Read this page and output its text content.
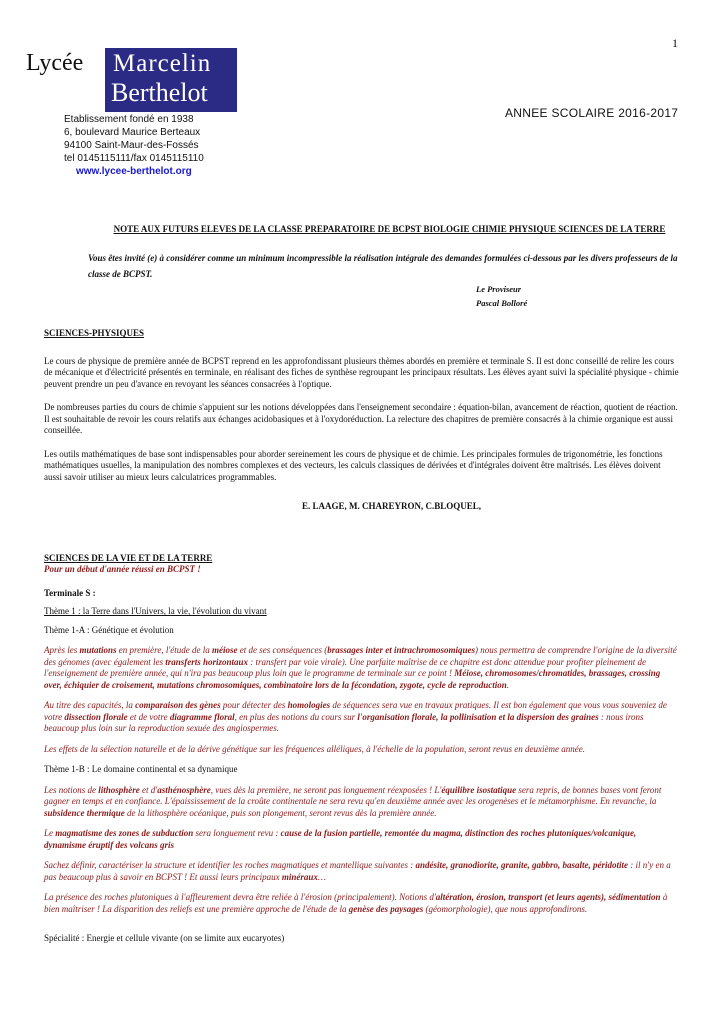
1
Lycée Marcelin
Berthelot
Etablissement fondé en 1938
6, boulevard Maurice Berteaux
94100 Saint-Maur-des-Fossés
tel 0145115111/fax 0145115110
www.lycee-berthelot.org
ANNEE SCOLAIRE 2016-2017
NOTE AUX FUTURS ELEVES DE LA CLASSE PREPARATOIRE DE BCPST BIOLOGIE CHIMIE PHYSIQUE SCIENCES DE LA TERRE
Vous êtes invité (e) à considérer comme un minimum incompressible la réalisation intégrale des demandes formulées ci-dessous par les divers professeurs de la classe de BCPST.
Le Proviseur
Pascal Bolloré
SCIENCES-PHYSIQUES

Le cours de physique de première année de BCPST reprend en les approfondissant plusieurs thèmes abordés en première et terminale S. Il est donc conseillé de relire les cours de mécanique et d'électricité présentés en terminale, en réalisant des fiches de synthèse regroupant les principaux résultats. Les élèves ayant suivi la spécialité physique - chimie peuvent prendre un peu d'avance en revoyant les séances consacrées à l'optique.

De nombreuses parties du cours de chimie s'appuient sur les notions développées dans l'enseignement secondaire : équation-bilan, avancement de réaction, quotient de réaction. Il est souhaitable de revoir les cours relatifs aux échanges acidobasiques et à l'oxydoréduction. La relecture des chapitres de première consacrés à la chimie organique est aussi conseillée.

Les outils mathématiques de base sont indispensables pour aborder sereinement les cours de physique et de chimie. Les principales formules de trigonométrie, les fonctions mathématiques usuelles, la manipulation des nombres complexes et des vecteurs, les calculs classiques de dérivées et d'intégrales doivent être maîtrisés. Les élèves doivent aussi savoir utiliser au mieux leurs calculatrices programmables.

E. LAAGE, M. CHAREYRON, C.BLOQUEL,
SCIENCES DE LA VIE ET DE LA TERRE
Pour un début d'année réussi en BCPST !
Terminale S :
Thème 1 : la Terre dans l'Univers, la vie, l'évolution du vivant
Thème 1-A : Génétique et évolution

Après les mutations en première, l'étude de la méiose et de ses conséquences (brassages inter et intrachromosomiques) nous permettra de comprendre l'origine de la diversité des génomes (avec également les transferts horizontaux : transfert par voie virale). Une parfaite maîtrise de ce chapitre est donc attendue pour profiter pleinement de l'enseignement de première année, qui n'ira pas beaucoup plus loin que le programme de terminale sur ce point ! Méiose, chromosomes/chromatides, brassages, crossing over, échiquier de croisement, mutations chromosomiques, combinatoire lors de la fécondation, zygote, cycle de reproduction.

Au titre des capacités, la comparaison des gènes pour détecter des homologies de séquences sera vue en travaux pratiques. Il est bon également que vous vous souveniez de votre dissection florale et de votre diagramme floral, en plus des notions du cours sur l'organisation florale, la pollinisation et la dispersion des graines : nous irons beaucoup plus loin sur la reproduction sexuée des angiospermes.

Les effets de la sélection naturelle et de la dérive génétique sur les fréquences alléliques, à l'échelle de la population, seront revus en deuxième année.

Thème 1-B : Le domaine continental et sa dynamique

Les notions de lithosphère et d'asthénosphère, vues dès la première, ne seront pas longuement réexposées ! L'équilibre isostatique sera repris, de bonnes bases vont feront gagner en temps et en confiance. L'épaississement de la croûte continentale ne sera revu qu'en deuxième année avec les orogenèses et le métamorphisme. En revanche, la subsidence thermique de la lithosphère océanique, puis son plongement, seront revus dès la première année.

Le magmatisme des zones de subduction sera longuement revu : cause de la fusion partielle, remontée du magma, distinction des roches plutoniques/volcanique, dynamisme éruptif des volcans gris

Sachez définir, caractériser la structure et identifier les roches magmatiques et mantellique suivantes : andésite, granodiorite, granite, gabbro, basalte, péridotite : il n'y en a pas beaucoup plus à savoir en BCPST ! Et aussi leurs principaux minéraux…

La présence des roches plutoniques à l'affleurement devra être reliée à l'érosion (principalement). Notions d'altération, érosion, transport (et leurs agents), sédimentation à bien maîtriser ! La disparition des reliefs est une première approche de l'étude de la genèse des paysages (géomorphologie), que nous approfondirons.

Spécialité : Energie et cellule vivante (on se limite aux eucaryotes)
